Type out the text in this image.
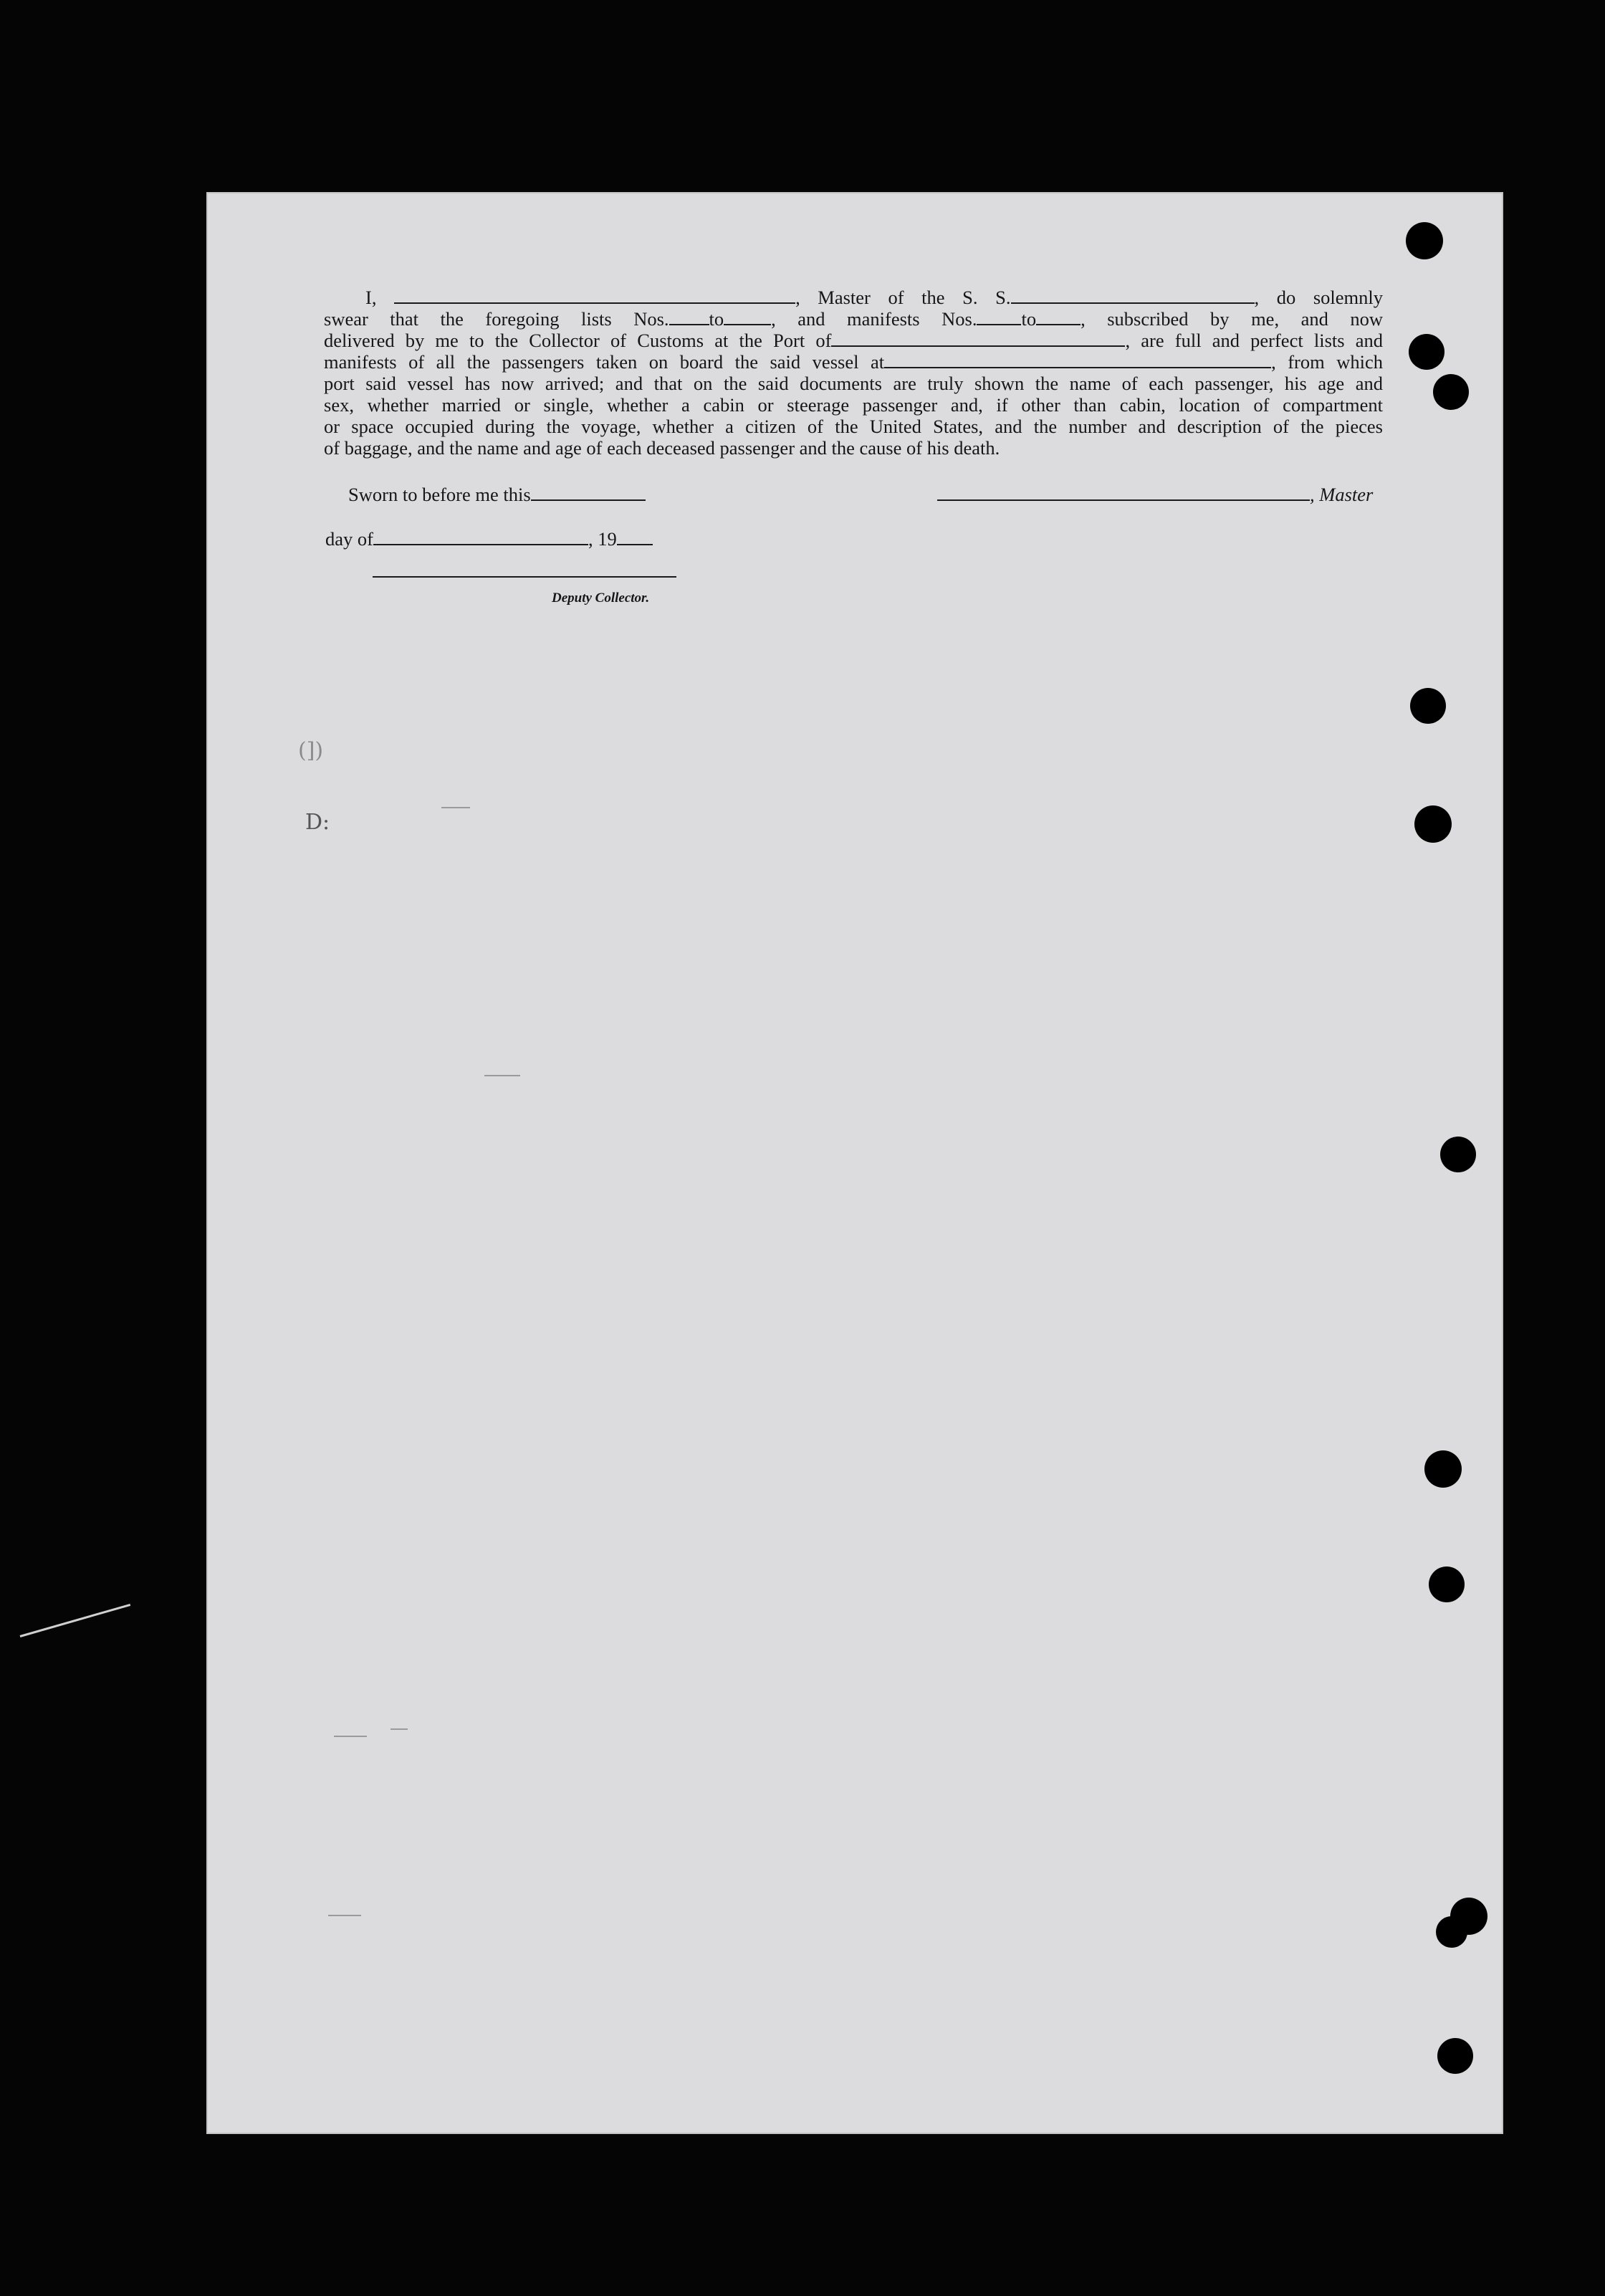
I,	, Master of the S. S.	, do solemnly
swear that the foregoing lists Nos. to , and manifests Nos. to , subscribed by me, and now
delivered by me to the Collector of Customs at the Port of	, are full and perfect lists and
manifests of all the passengers taken on board the said vessel at	, from which
port said vessel has now arrived; and that on the said documents are truly shown the name of each passenger, his age and
sex, whether married or single, whether a cabin or steerage passenger and, if other than cabin, location of compartment
or space occupied during the voyage, whether a citizen of the United States, and the number and description of the pieces
of baggage, and the name and age of each deceased passenger and the cause of his death.
Sworn to before me this	, Master
day of	, 19
Deputy Collector.
(])
D:
